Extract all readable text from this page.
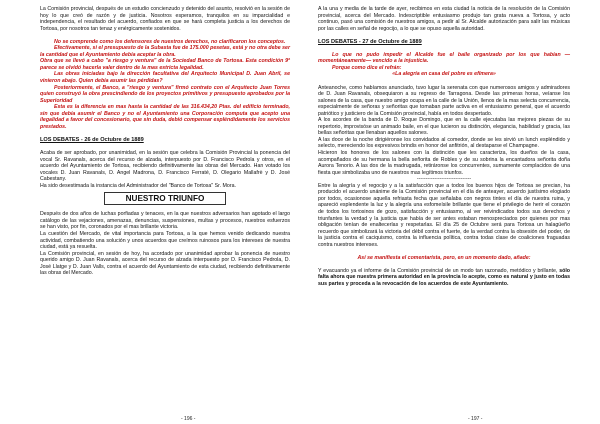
La Comisión provincial, después de un estudio concienzudo y detenido del asunto, resolvió en la sesión de hoy lo que creó de razón y de justicia. Nosotros esperamos, tranquilos en su imparcialidad e independencia, el resultado del acuerdo, confiados en que se hará completa justicia a los derechos de Tortosa, por nosotros tan tenaz y enérgicamente sostenidos.

No se comprende como los defensores de nuestros derechos, no clarificaron los conceptos.

Efectivamente, si el presupuesto de la Subasta fue de 175.000 pesetas, está y no otra debe ser la cantidad que el Ayuntamiento debía aceptar la obra.

Obra que se llevó a cabo "a riesgo y ventura" de la Sociedad Banco de Tortosa. Esta condición 9ª parece se olvidó hacerla valer dentro de la mas estricta legalidad.

Las obras iniciadas bajo la dirección facultativa del Arquitecto Municipal D. Juan Abril, se vinieron abajo. Quien debía asumir las pérdidas?

Posteriormente, el Banco, a "riesgo y ventura" firmó contrato con el Arquitecto Juan Torres quien construyó la obra prescindiendo de los proyectos primitivos y presupuesto aprobados por la Superioridad

Esta es la diferencia en mas hasta la cantidad de las 316.434,20 Ptas. del edificio terminado, sin que debía asumir el Banco y no el Ayuntamiento una Corporación computa que acepto una ilegalidad a favor del concesionario, que sin duda, debió compensar espléndidamente los servicios prestados.

LOS DEBATES - 26 de Octubre de 1889

Acaba de ser aprobado, por unanimidad, en la sesión que celebra la Comisión Provincial la ponencia del vocal Sr. Ravanals, acerca del recurso de alzada, interpuesto por D. Francisco Pedrola y otros, en el acuerdo del Ayuntamiento de Tortosa, recibiendo definitivamente las obras del Mercado. Han votado los vocales D. Juan Ravanals, D. Angel Madrona, D. Francisco Ferraté, D. Olegario Mallafrè y D. José Cabestany.

Ha sido desestimada la instancia del Administrador del "Banco de Tortosa" Sr. Mora.

NUESTRO TRIUNFO

Después de dos años de luchas porfiadas y tenaces, en la que nuestros adversarios han agotado el largo catálogo de las vejaciones, amenazas, denuncias, suspensiones, multas y procesos, nuestros esfuerzos se han visto, por fin, coronados por el mas brillante victoria.

La cuestión del Mercado, de vital importancia para Tortosa, a la que hemos venido dedicando nuestra actividad, combatiendo una solución y unos acuerdos que creímos ruinosos para los intereses de nuestra ciudad, está ya resuelta.

La Comisión provincial, en sesión de hoy, ha acordado por unanimidad aprobar la ponencia de nuestro querido amigo D. Juan Ravanals, acerca del recurso de alzada interpuesto por D. Francisco Pedrola, D. José Llatge y D. Juan Valls, contra el acuerdo del Ayuntamiento de esta ciudad, recibiendo definitivamente las obras del Mercado.

A la una y media de la tarde de ayer, recibimos en esta ciudad la noticia de la resolución de la Comisión provincial, acerca del Mercado. Indescriptible entusiasmo produjo tan grata nueva a Tortosa, y acto continuo, pasó una comisión de nuestros amigos, a pedir al Sr. Alcalde autorización para salir las músicas por las calles en señal de regocijo, a lo que se opuso aquella autoridad.

LOS DEBATES - 27 de Octubre de 1889

Lo que no pudo impedir el Alcalde fue el baile organizado por los que habían —momentáneamente— vencido a la injusticia.

Porque como dice el refrán:

«La alegría en casa del pobre es efímera»

Anteanoche, como habíamos anunciado, tuvo lugar la serenata con que numerosos amigos y admiradores de D. Juan Ravanals, obsequiaron a su regreso de Tarragona. Desde las primeras horas, veíanse los salones de la casa, que nuestro amigo ocupa en la calle de la Unión, llenos de la mas selecta concurrencia, especialmente de señoras y señoritas que tomaban parte activa en el entusiasmo general, que el acuerdo patriótico y justiciero de la Comisión provincial, había en todos despertado.

A los acordes de la banda de D. Roque Domingo, que en la calle ejecutaba las mejores piezas de su repertorio, improvisóse un animado baile, en el que lucieron su distinción, elegancia, habilidad y gracia, las bellas señoritas que llenaban aquellos salones.

A las doce de la noche dirigiéronse los convidados al comedor, donde se les sirvió un lunch espléndido y selecto, mereciendo los expresivos brindis en honor del anfitrión, al destaparse el Champagne.

Hicieron los honores de los salones con la distinción que les caracteriza, los dueños de la casa, acompañados de su hermana la bella señorita de Robles y de su sobrina la encantadora señorita doña Aurora Tenorio. A las dos de la madrugada, retiráronse los concurrentes, sumamente complacidos de una fiesta que simbolizaba uno de nuestros mas legítimos triunfos.

-------------------------------

Entre la alegría y el regocijo y a la satisfacción que a todos los buenos hijos de Tortosa se precian, ha producido el acuerdo unánime de la Comisión provincial en el día de anteayer, acuerdo justísimo elogiado por todos, ocasionose aquella refriasta fecha que señalaba con negros tintes el día de nuestra ruina, y apareció esplendente la luz y la alegría una esfomeísile brillante que tiene el privilegio de herir el corazón de todos los tortosinos de gozo, satisfacción y entusiasmo, al ver reivindicados todos sus derechos y triunfantes la verdad y la justicia que había de ser antes estaban menospreciados por quienes por mas obligación tenían de enaltecerlas y respetarlas. El día 25 de Octubre será para Tortosa un halagüeño recuerdo que simbolizará la victoria del débil contra el fuerte, de la verdad contra la obsesión del poder, de la justicia contra el caciquismo, contra la influencia política, contra todas clase de coaliciones fraguadas contra nuestros intereses.

Así se manifiesta el comentarista, pero, en un momento dado, añade:

Y evacuando ya el informe de la Comisión provincial de un modo tan razonado, metódico y brillante, sólo falta ahora que nuestra primera autoridad en la provincia lo acepte, como es natural y justo en todas sus partes y proceda a la revocación de los acuerdos de este Ayuntamiento.

- 196 -	- 197 -
